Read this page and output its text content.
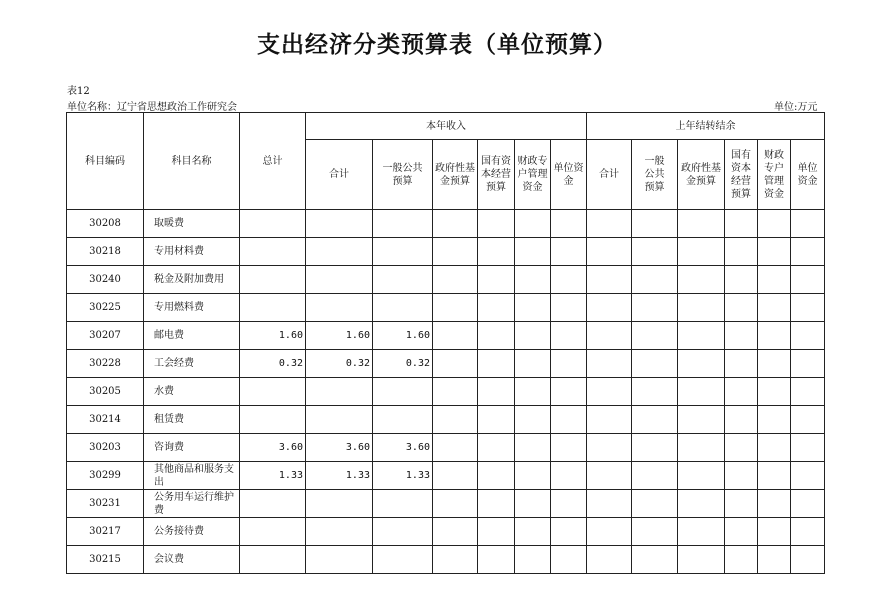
支出经济分类预算表（单位预算）
表12
单位名称：辽宁省思想政治工作研究会	单位:万元
科目编码	科目名称	总计	本年收入						上年结转结余					
			合计	一般公共预算	政府性基金预算	国有资本经营预算	财政专户管理资金	单位资金	合计	一般公共预算	政府性基金预算	国有资本经营预算	财政专户管理资金	单位资金
30208	取暖费													
30218	专用材料费													
30240	税金及附加费用													
30225	专用燃料费													
30207	邮电费	1.60	1.60	1.60										
30228	工会经费	0.32	0.32	0.32										
30205	水费													
30214	租赁费													
30203	咨询费	3.60	3.60	3.60										
30299	其他商品和服务支出	1.33	1.33	1.33										
30231	公务用车运行维护费													
30217	公务接待费													
30215	会议费													
